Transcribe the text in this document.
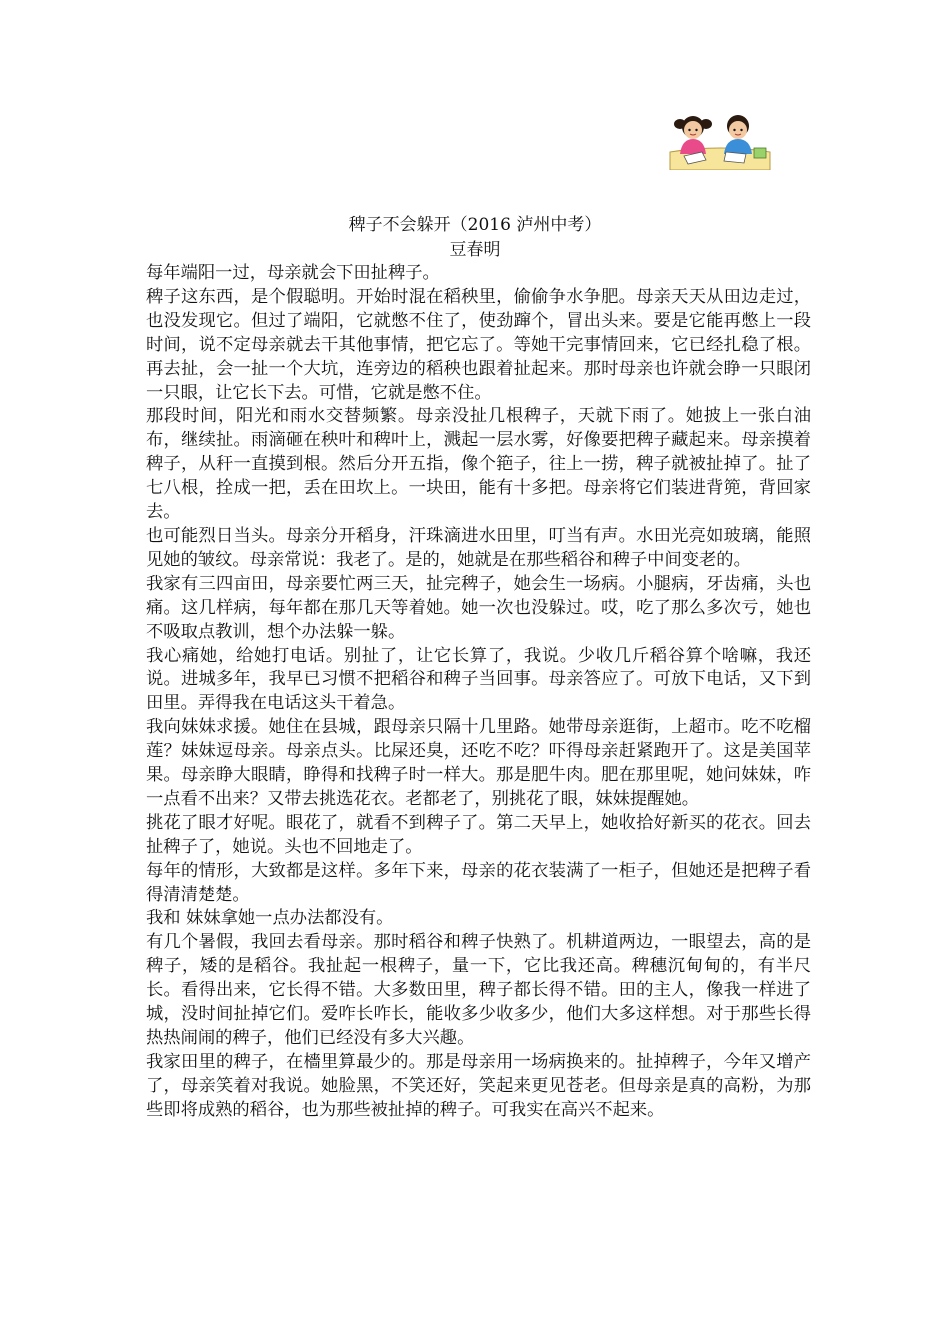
稗子不会躲开（2016 泸州中考）
豆春明

每年端阳一过，母亲就会下田扯稗子。

稗子这东西，是个假聪明。开始时混在稻秧里，偷偷争水争肥。母亲天天从田边走过，也没发现它。但过了端阳，它就憋不住了，使劲蹿个，冒出头来。要是它能再憋上一段时间，说不定母亲就去干其他事情，把它忘了。等她干完事情回来，它已经扎稳了根。再去扯，会一扯一个大坑，连旁边的稻秧也跟着扯起来。那时母亲也许就会睁一只眼闭一只眼，让它长下去。可惜，它就是憋不住。

那段时间，阳光和雨水交替频繁。母亲没扯几根稗子，天就下雨了。她披上一张白油布，继续扯。雨滴砸在秧叶和稗叶上，溅起一层水雾，好像要把稗子藏起来。母亲摸着稗子，从秆一直摸到根。然后分开五指，像个筢子，往上一捞，稗子就被扯掉了。扯了七八根，拴成一把，丢在田坎上。一块田，能有十多把。母亲将它们装进背篼，背回家去。

也可能烈日当头。母亲分开稻身，汗珠滴进水田里，叮当有声。水田光亮如玻璃，能照见她的皱纹。母亲常说：我老了。是的，她就是在那些稻谷和稗子中间变老的。

我家有三四亩田，母亲要忙两三天，扯完稗子，她会生一场病。小腿病，牙齿痛，头也痛。这几样病，每年都在那几天等着她。她一次也没躲过。哎，吃了那么多次亏，她也不吸取点教训，想个办法躲一躲。

我心痛她，给她打电话。别扯了，让它长算了，我说。少收几斤稻谷算个啥嘛，我还说。进城多年，我早已习惯不把稻谷和稗子当回事。母亲答应了。可放下电话，又下到田里。弄得我在电话这头干着急。

我向妹妹求援。她住在县城，跟母亲只隔十几里路。她带母亲逛街，上超市。吃不吃榴莲？妹妹逗母亲。母亲点头。比屎还臭，还吃不吃？吓得母亲赶紧跑开了。这是美国苹果。母亲睁大眼睛，睁得和找稗子时一样大。那是肥牛肉。肥在那里呢，她问妹妹，咋一点看不出来？又带去挑选花衣。老都老了，别挑花了眼，妹妹提醒她。

挑花了眼才好呢。眼花了，就看不到稗子了。第二天早上，她收拾好新买的花衣。回去扯稗子了，她说。头也不回地走了。

每年的情形，大致都是这样。多年下来，母亲的花衣装满了一柜子，但她还是把稗子看得清清楚楚。

我和 妹妹拿她一点办法都没有。

有几个暑假，我回去看母亲。那时稻谷和稗子快熟了。机耕道两边，一眼望去，高的是稗子，矮的是稻谷。我扯起一根稗子，量一下，它比我还高。稗穗沉甸甸的，有半尺长。看得出来，它长得不错。大多数田里，稗子都长得不错。田的主人，像我一样进了城，没时间扯掉它们。爱咋长咋长，能收多少收多少，他们大多这样想。对于那些长得热热闹闹的稗子，他们已经没有多大兴趣。

我家田里的稗子，在檣里算最少的。那是母亲用一场病换来的。扯掉稗子，今年又增产了，母亲笑着对我说。她脸黑，不笑还好，笑起来更见苍老。但母亲是真的高粉，为那些即将成熟的稻谷，也为那些被扯掉的稗子。可我实在高兴不起来。
